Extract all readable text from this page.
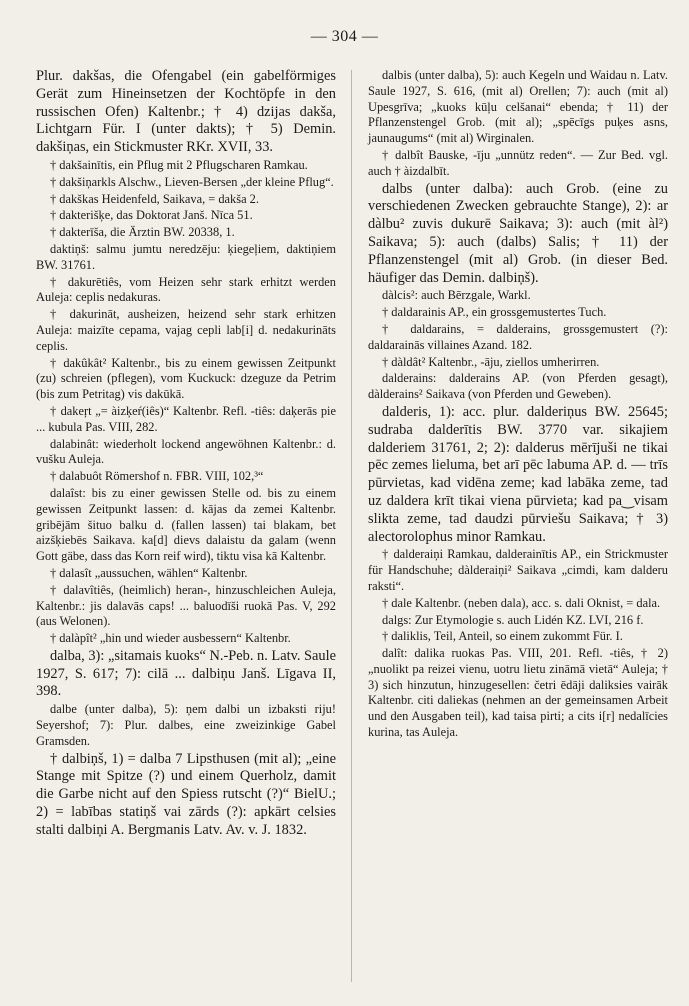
— 304 —

Plur. dakšas, die Ofengabel (ein gabelförmiges Gerät zum Hineinsetzen der Kochtöpfe in den russischen Ofen) Kaltenbr.; † 4) dzijas dakša, Lichtgarn Für. I (unter dakts); † 5) Demin. dakšiņas, ein Stickmuster RKr. XVII, 33.

† dakšainītis, ein Pflug mit 2 Pflugscharen Ramkau.

† dakšiņarkls Alschw., Lieven-Bersen „der kleine Pflug“.

† dakškas Heidenfeld, Saikava, = dakša 2.

† dakterišķe, das Doktorat Janš. Nīca 51.

† dakterīša, die Ärztin BW. 20338, 1.

daktiņš: salmu jumtu neredzēju: ķiegeļiem, daktiņiem BW. 31761.

† dakurētiês, vom Heizen sehr stark erhitzt werden Auleja: ceplis nedakuras.

† dakurināt, ausheizen, heizend sehr stark erhitzen Auleja: maizīte cepama, vajag cepli lab[i] d. nedakurināts ceplis.

† dakûkât² Kaltenbr., bis zu einem gewissen Zeitpunkt (zu) schreien (pflegen), vom Kuckuck: dzeguze da Petrim (bis zum Petritag) vis dakūkā.

† dakeŗt „= àizķeŕ(iês)“ Kaltenbr. Refl. -tiês: daķerās pie ... kubula Pas. VIII, 282.

dalabinât: wiederholt lockend angewöhnen Kaltenbr.: d. vušku Auleja.

† dalabuôt Römershof n. FBR. VIII, 102,³“

dalaîst: bis zu einer gewissen Stelle od. bis zu einem gewissen Zeitpunkt lassen: d. kājas da zemei Kaltenbr. gribējām šituo balku d. (fallen lassen) tai blakam, bet aizšķiebēs Saikava. ka[d] dievs dalaistu da galam (wenn Gott gäbe, dass das Korn reif wird), tiktu visa kā Kaltenbr.

† dalasît „aussuchen, wählen“ Kaltenbr.

† dalavîtiês, (heimlich) heran-, hinzuschleichen Auleja, Kaltenbr.: jis dalavās caps! ... baluodīši ruokā Pas. V, 292 (aus Welonen).

† dalàpît² „hin und wieder ausbessern“ Kaltenbr.

dalba, 3): „sitamais kuoks“ N.-Peb. n. Latv. Saule 1927, S. 617; 7): cilā ... dalbiņu Janš. Līgava II, 398.

dalbe (unter dalba), 5): ņem dalbi un izbaksti riju! Seyershof; 7): Plur. dalbes, eine zweizinkige Gabel Gramsden.

† dalbiņš, 1) = dalba 7 Lipsthusen (mit al); „eine Stange mit Spitze (?) und einem Querholz, damit die Garbe nicht auf den Spiess rutscht (?)“ BielU.; 2) = labības statiņš vai zārds (?): apkārt celsies stalti dalbiņi A. Bergmanis Latv. Av. v. J. 1832.

dalbis (unter dalba), 5): auch Kegeln und Waidau n. Latv. Saule 1927, S. 616, (mit al) Orellen; 7): auch (mit al) Upesgrīva; „kuoks kūļu celšanai“ ebenda; † 11) der Pflanzenstengel Grob. (mit al); „spēcīgs puķes asns, jaunaugums“ (mit al) Wirginalen.

† dalbît Bauske, -īju „unnütz reden“. — Zur Bed. vgl. auch † àizdalbīt.

dalbs (unter dalba): auch Grob. (eine zu verschiedenen Zwecken gebrauchte Stange), 2): ar dàlbu² zuvis dukurē Saikava; 3): auch (mit àl²) Saikava; 5): auch (dalbs) Salis; † 11) der Pflanzenstengel (mit al) Grob. (in dieser Bed. häufiger das Demin. dalbiņš).

dàlcis²: auch Bērzgale, Warkl.

† daldarainis AP., ein grossgemustertes Tuch.

† daldarains, = dalderains, grossgemustert (?): daldarainās villaines Azand. 182.

† dàldât² Kaltenbr., -āju, ziellos umherirren.

dalderains: dalderains AP. (von Pferden gesagt), dàlderains² Saikava (von Pferden und Geweben).

dalderis, 1): acc. plur. dalderiņus BW. 25645; sudraba dalderītis BW. 3770 var. sikajiem dalderiem 31761, 2; 2): dalderus mērījuši ne tikai pēc zemes lieluma, bet arī pēc labuma AP. d. — trīs pūrvietas, kad vidēna zeme; kad labāka zeme, tad uz daldera krīt tikai viena pūrvieta; kad pa‿visam slikta zeme, tad daudzi pūrviešu Saikava; † 3) alectorolophus minor Ramkau.

† dalderaiņi Ramkau, dalderainītis AP., ein Strickmuster für Handschuhe; dàlderaiņi² Saikava „cimdi, kam dalderu raksti“.

† dale Kaltenbr. (neben dala), acc. s. dali Oknist, = dala.

dalgs: Zur Etymologie s. auch Lidén KZ. LVI, 216 f.

† daliklis, Teil, Anteil, so einem zukommt Für. I.

dalît: dalika ruokas Pas. VIII, 201. Refl. -tiês, † 2) „nuolikt pa reizei vienu, uotru lietu zināmā vietā“ Auleja; † 3) sich hinzutun, hinzugesellen: četri ēdāji daliksies vairāk Kaltenbr. citi daliekas (nehmen an der gemeinsamen Arbeit und den Ausgaben teil), kad taisa pirti; a cits i[r] nedalīcies kurina, tas Auleja.
